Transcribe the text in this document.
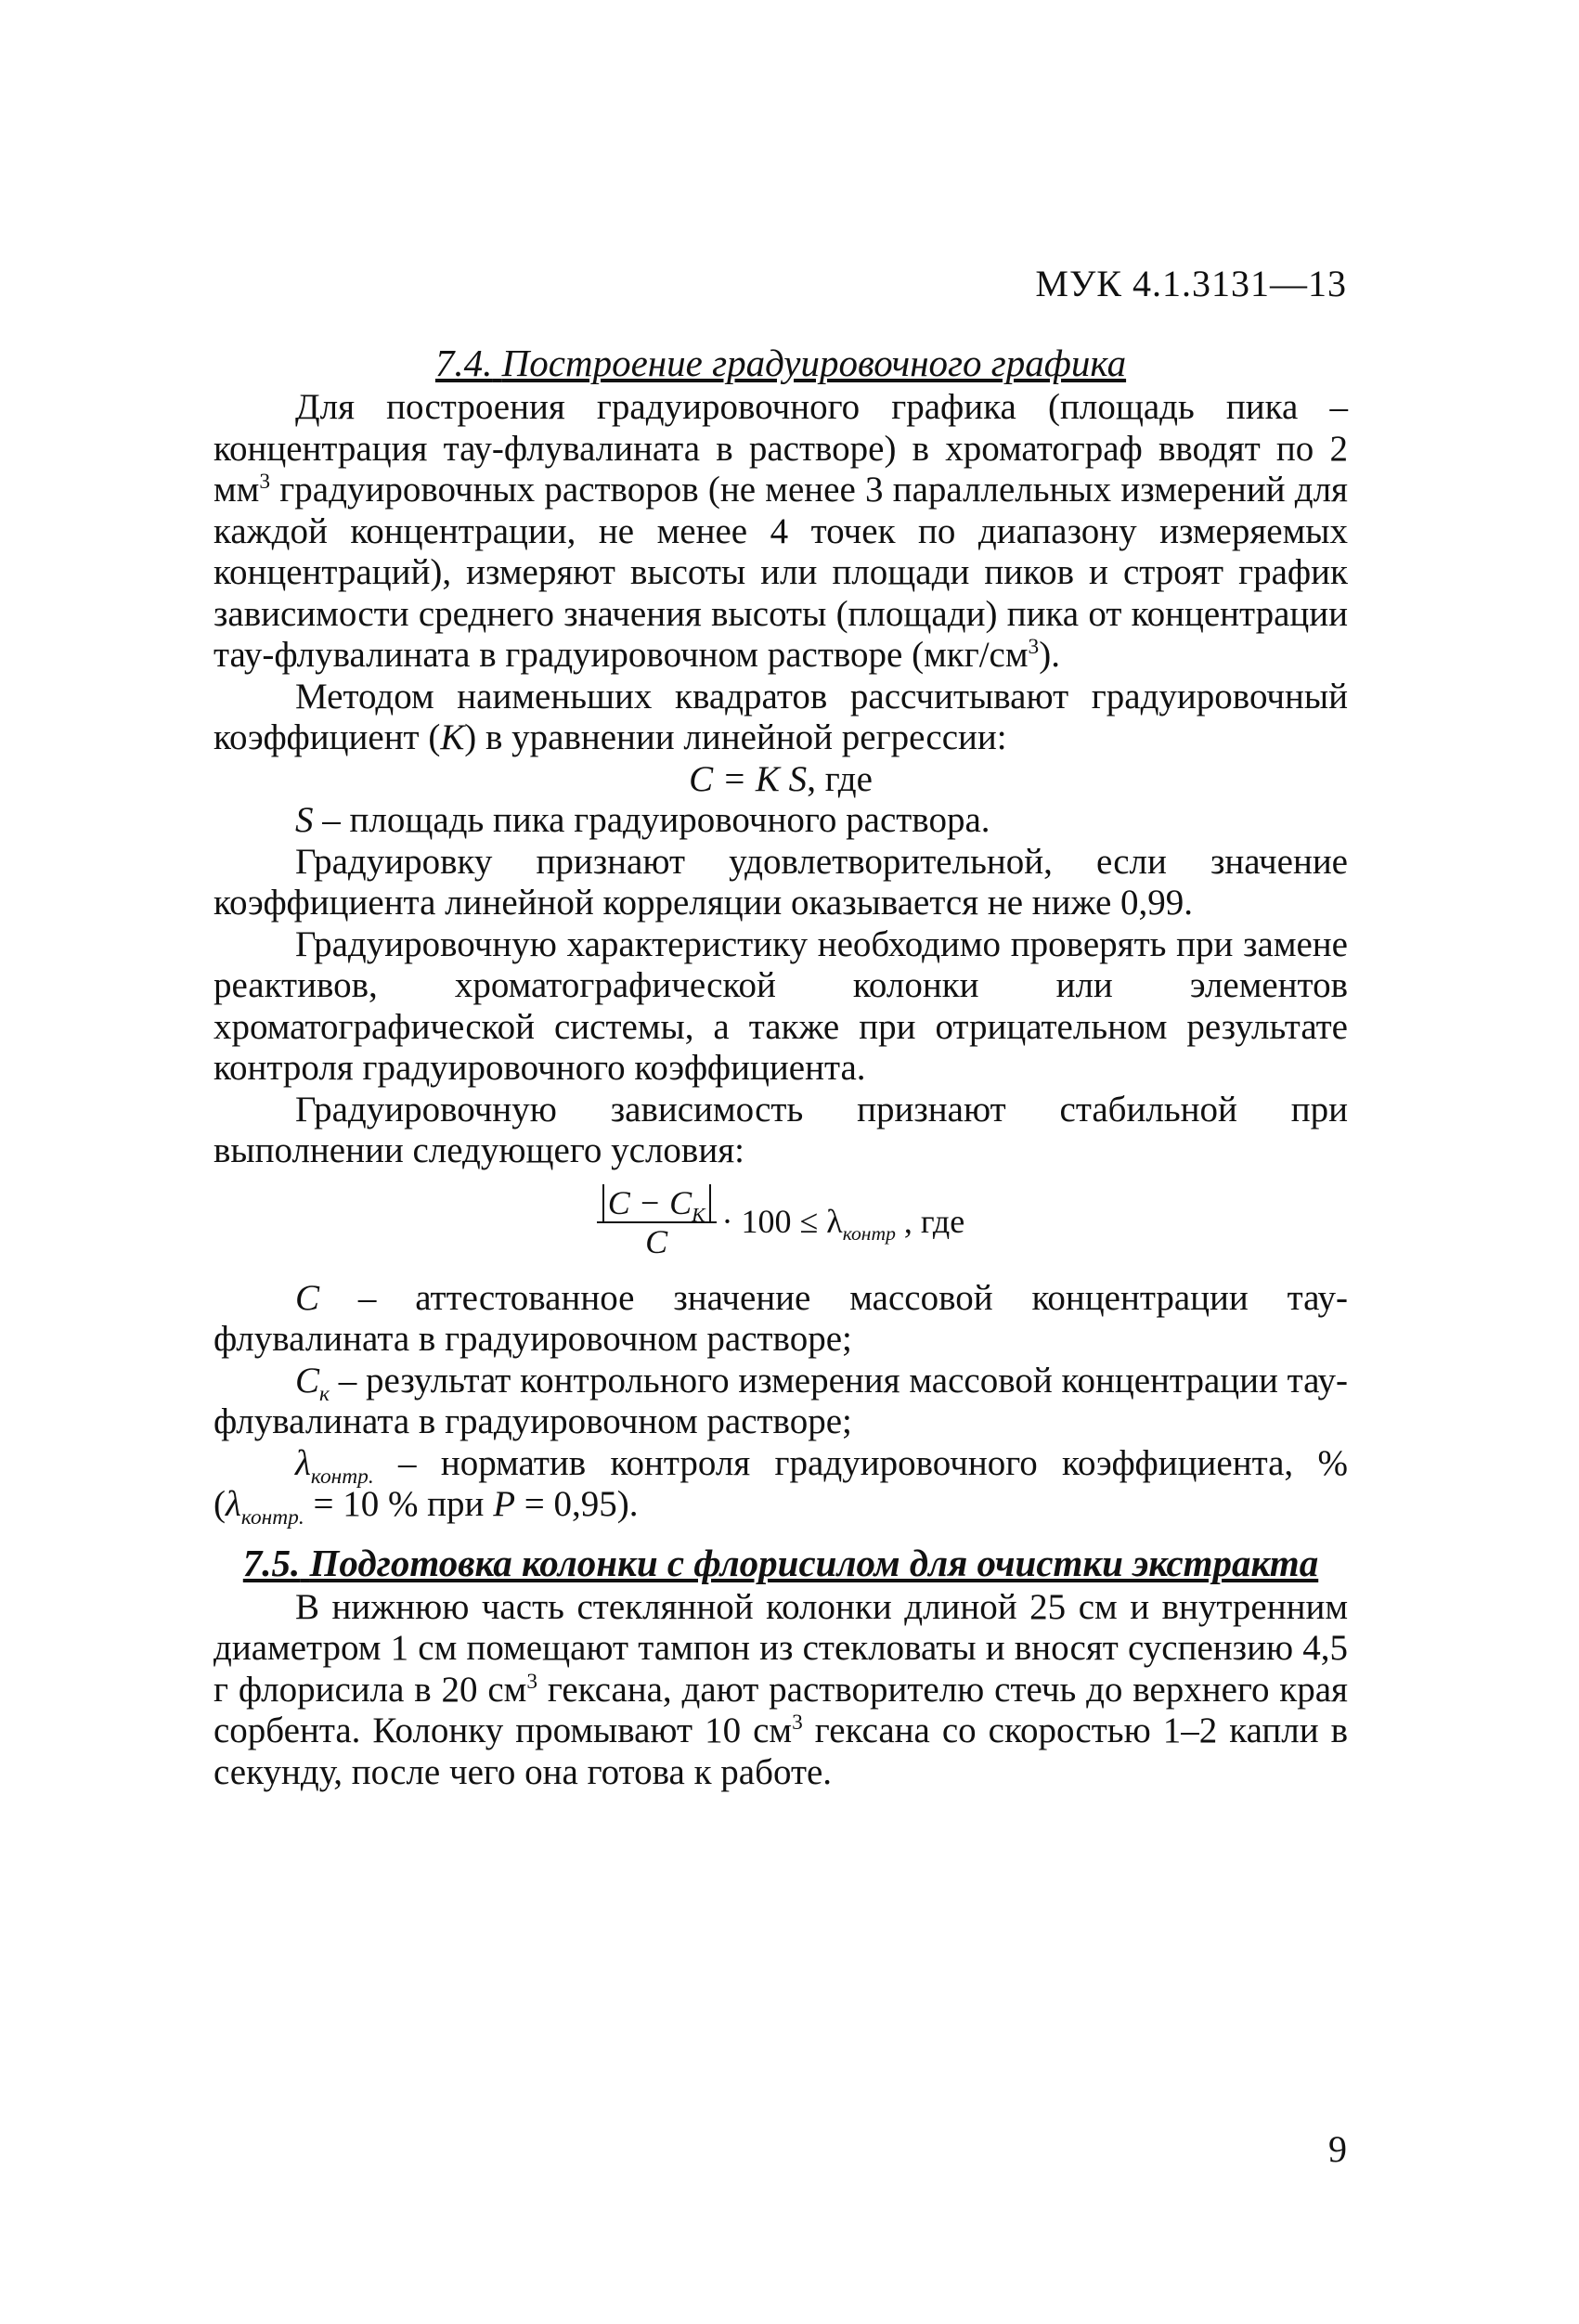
МУК 4.1.3131—13
7.4. Построение градуировочного графика

Для построения градуировочного графика (площадь пика – концентрация тау-флувалината в растворе) в хроматограф вводят по 2 $мм^3$ градуировочных растворов (не менее 3 параллельных измерений для каждой концентрации, не менее 4 точек по диапазону измеряемых концентраций), измеряют высоты или площади пиков и строят график зависимости среднего значения высоты (площади) пика от концентрации тау-флувалината в градуировочном растворе $(мкг/см^3)$.

Методом наименьших квадратов рассчитывают градуировочный коэффициент (К) в уравнении линейной регрессии:

C = K S, где

S – площадь пика градуировочного раствора.

Градуировку признают удовлетворительной, если значение коэффициента линейной корреляции оказывается не ниже 0,99.

Градуировочную характеристику необходимо проверять при замене реактивов, хроматографической колонки или элементов хроматографической системы, а также при отрицательном результате контроля градуировочного коэффициента.

Градуировочную зависимость признают стабильной при выполнении следующего условия:

$\frac{C - C_K}{C} \cdot 100 \le \lambda_{контр}$ , где

C – аттестованное значение массовой концентрации тау-флувалината в градуировочном растворе;

$C_к$ – результат контрольного измерения массовой концентрации тау-флувалината в градуировочном растворе;

$\lambda_{контр.}$ – норматив контроля градуировочного коэффициента, % ($\lambda_{контр.} = 10$ % при P = 0,95).

7.5. Подготовка колонки с флорисилом для очистки экстракта

В нижнюю часть стеклянной колонки длиной 25 см и внутренним диаметром 1 см помещают тампон из стекловаты и вносят суспензию 4,5 г флорисила в 20 $см^3$ гексана, дают растворителю стечь до верхнего края сорбента. Колонку промывают 10 $см^3$ гексана со скоростью 1–2 капли в секунду, после чего она готова к работе.

9
